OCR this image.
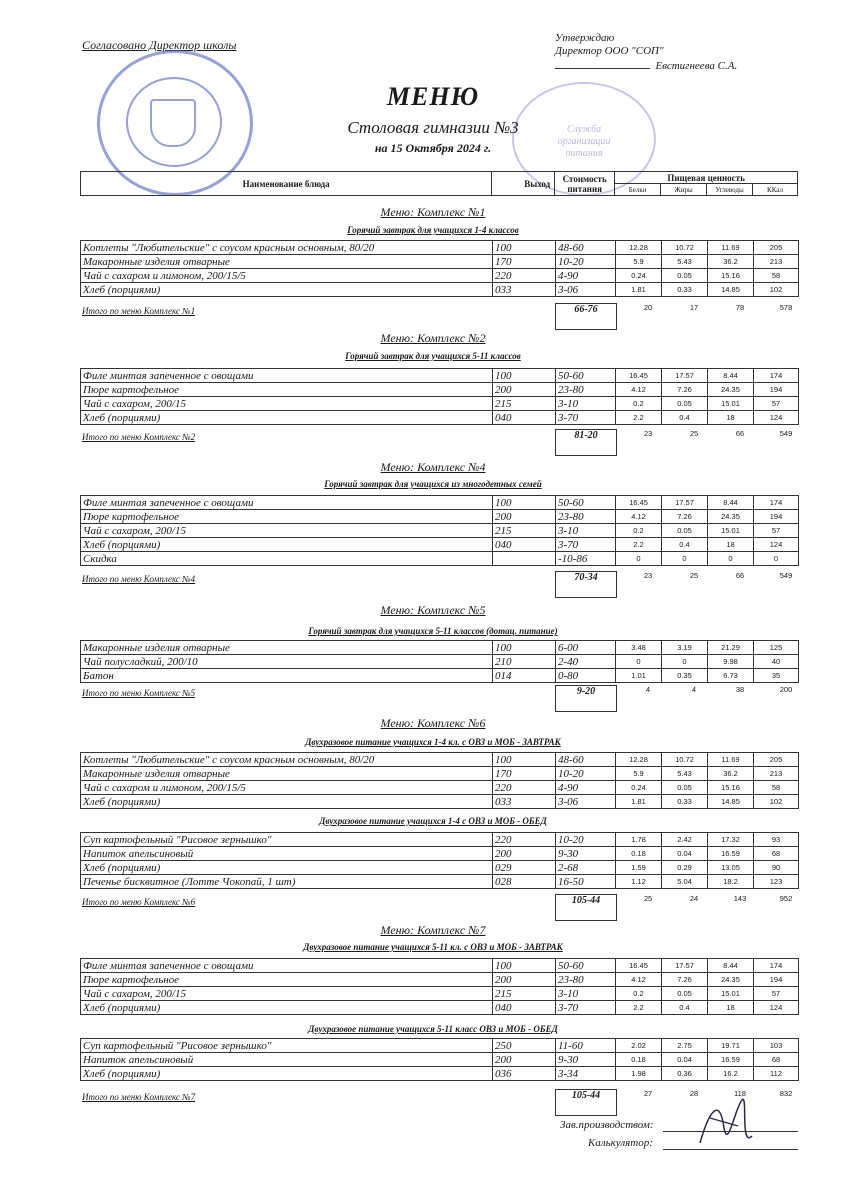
Согласовано Директор школы	Утверждаю
Директор ООО "СОП"
Евстигнеева С.А.
Служба организации питания
МЕНЮ
Столовая гимназии №3
на 15 Октября 2024 г.
Наименование блюда	Выход	Стоимость питания	Пищевая ценность			
			Белки	Жиры	Углеводы	ККал
Меню: Комплекс №1
Горячий завтрак для учащихся 1-4 классов
Котлеты "Любительские" с соусом красным основным, 80/20	100	48-60	12.28	10.72	11.69	205
Макаронные изделия отварные	170	10-20	5.9	5.43	36.2	213
Чай с сахаром и лимоном, 200/15/5	220	4-90	0.24	0.05	15.16	58
Хлеб (порциями)	033	3-06	1.81	0.33	14.85	102
Итого по меню Комплекс №1	66-76	20	17	78	578
Меню: Комплекс №2
Горячий завтрак для учащихся 5-11 классов
Филе минтая запеченное с овощами	100	50-60	16.45	17.57	8.44	174
Пюре картофельное	200	23-80	4.12	7.26	24.35	194
Чай с сахаром, 200/15	215	3-10	0.2	0.05	15.01	57
Хлеб (порциями)	040	3-70	2.2	0.4	18	124
Итого по меню Комплекс №2	81-20	23	25	66	549
Меню: Комплекс №4
Горячий завтрак для учащихся из многодетных семей
Филе минтая запеченное с овощами	100	50-60	16.45	17.57	8.44	174
Пюре картофельное	200	23-80	4.12	7.26	24.35	194
Чай с сахаром, 200/15	215	3-10	0.2	0.05	15.01	57
Хлеб (порциями)	040	3-70	2.2	0.4	18	124
Скидка		-10-86	0	0	0	0
Итого по меню Комплекс №4	70-34	23	25	66	549
Меню: Комплекс №5
Горячий завтрак для учащихся 5-11 классов (дотац. питание)
Макаронные изделия отварные	100	6-00	3.48	3.19	21.29	125
Чай полусладкий, 200/10	210	2-40	0	0	9.98	40
Батон	014	0-80	1.01	0.35	6.73	35
Итого по меню Комплекс №5	9-20	4	4	38	200
Меню: Комплекс №6
Двухразовое питание учащихся 1-4 кл. с ОВЗ и МОБ - ЗАВТРАК
Котлеты "Любительские" с соусом красным основным, 80/20	100	48-60	12.28	10.72	11.69	205
Макаронные изделия отварные	170	10-20	5.9	5.43	36.2	213
Чай с сахаром и лимоном, 200/15/5	220	4-90	0.24	0.05	15.16	58
Хлеб (порциями)	033	3-06	1.81	0.33	14.85	102
Двухразовое питание учащихся 1-4 с ОВЗ и МОБ - ОБЕД
Суп картофельный "Рисовое зернышко"	220	10-20	1.78	2.42	17.32	93
Напиток апельсиновый	200	9-30	0.18	0.04	16.59	68
Хлеб (порциями)	029	2-68	1.59	0.29	13.05	90
Печенье бисквитное (Лотте Чокопай, 1 шт)	028	16-50	1.12	5.04	18.2	123
Итого по меню Комплекс №6	105-44	25	24	143	952
Меню: Комплекс №7
Двухразовое питание учащихся 5-11 кл. с ОВЗ и МОБ - ЗАВТРАК
Филе минтая запеченное с овощами	100	50-60	16.45	17.57	8.44	174
Пюре картофельное	200	23-80	4.12	7.26	24.35	194
Чай с сахаром, 200/15	215	3-10	0.2	0.05	15.01	57
Хлеб (порциями)	040	3-70	2.2	0.4	18	124
Двухразовое питание учащихся 5-11 класс ОВЗ и МОБ - ОБЕД
Суп картофельный "Рисовое зернышко"	250	11-60	2.02	2.75	19.71	103
Напиток апельсиновый	200	9-30	0.18	0.04	16.59	68
Хлеб (порциями)	036	3-34	1.98	0.36	16.2	112
Итого по меню Комплекс №7	105-44	27	28	118	832
Зав.производством:
Калькулятор:
